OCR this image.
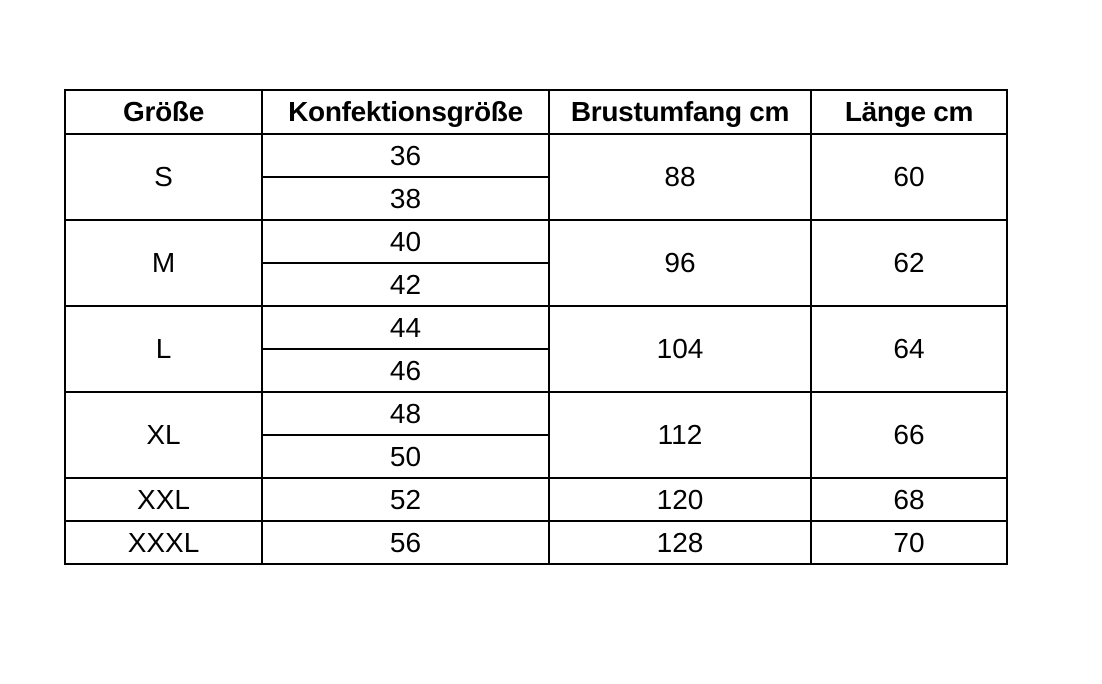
Größe	Konfektionsgröße	Brustumfang cm	Länge cm
S	36	88	60
	38		
M	40	96	62
	42		
L	44	104	64
	46		
XL	48	112	66
	50		
XXL	52	120	68
XXXL	56	128	70
